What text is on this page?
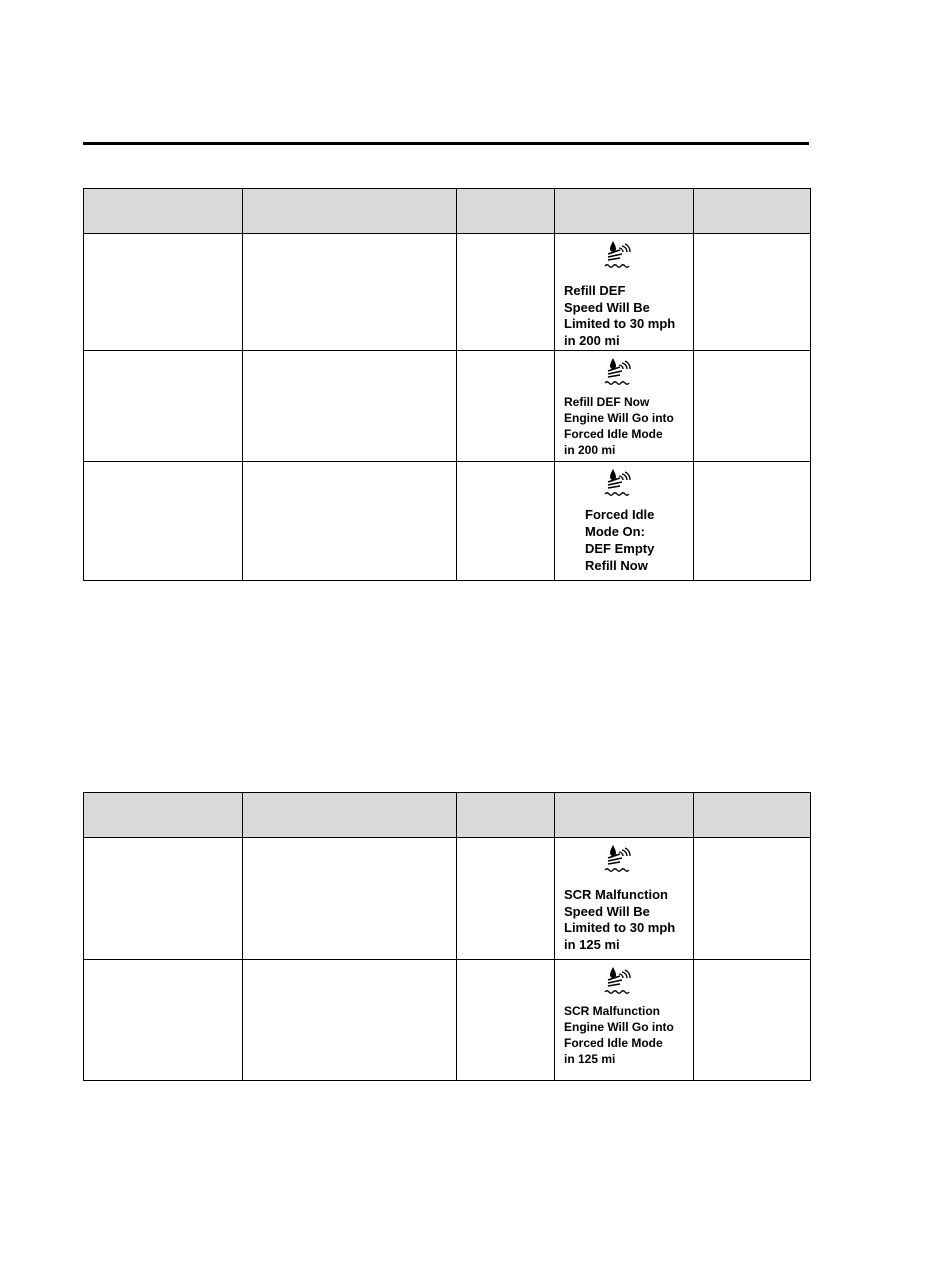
			Refill DEF
Speed Will Be
Limited to 30 mph
in 200 mi	

			Refill DEF Now
Engine Will Go into
Forced Idle Mode
in 200 mi	

			Forced Idle
Mode On:
DEF Empty
Refill Now	

			SCR Malfunction
Speed Will Be
Limited to 30 mph
in 125 mi	

			SCR Malfunction
Engine Will Go into
Forced Idle Mode
in 125 mi	
